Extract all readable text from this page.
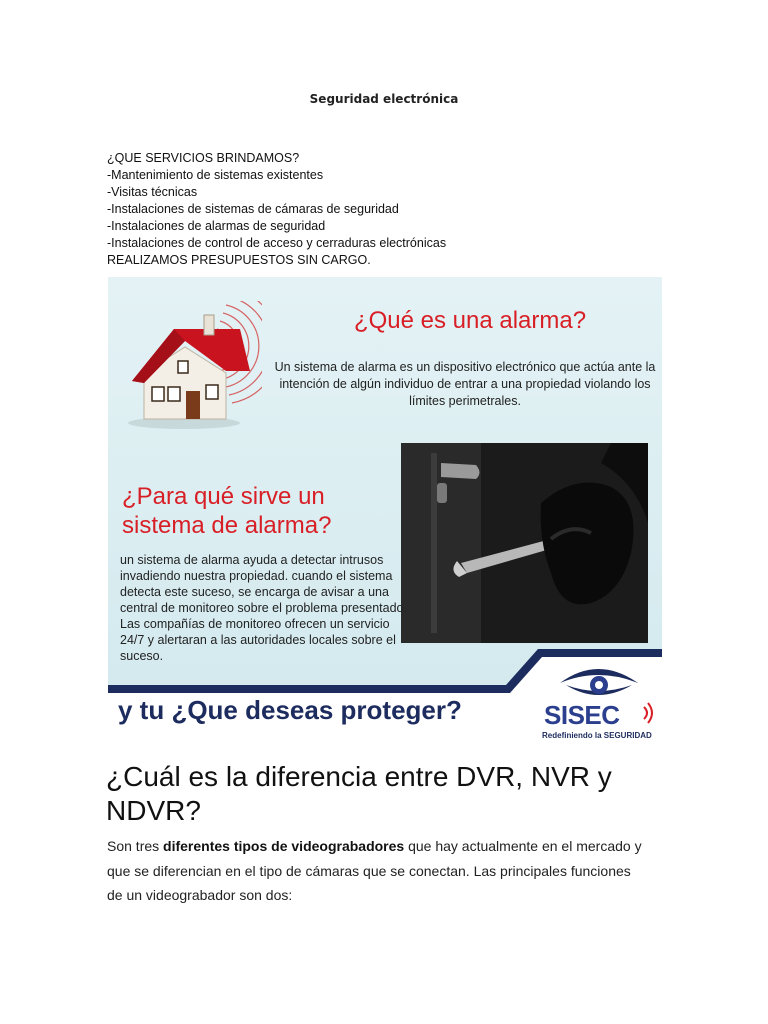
Seguridad electrónica
¿QUE SERVICIOS BRINDAMOS?
-Mantenimiento de sistemas existentes
-Visitas técnicas
-Instalaciones de sistemas de cámaras de seguridad
-Instalaciones de alarmas de seguridad
-Instalaciones de control de acceso y cerraduras electrónicas
REALIZAMOS PRESUPUESTOS SIN CARGO.
¿Qué es una alarma?
Un sistema de alarma es un dispositivo electrónico que actúa ante la intención de algún individuo de entrar a una propiedad violando los límites perimetrales.
¿Para qué sirve un
sistema de alarma?
un sistema de alarma ayuda a detectar intrusos invadiendo nuestra propiedad. cuando el sistema detecta este suceso, se encarga de avisar a una central de monitoreo sobre el problema presentado. Las compañías de monitoreo ofrecen un servicio 24/7 y alertaran a las autoridades locales sobre el suceso.
y tu ¿Que deseas proteger?	SISEC
Redefiniendo la SEGURIDAD
¿Cuál es la diferencia entre DVR, NVR y NDVR?
Son tres diferentes tipos de videograbadores que hay actualmente en el mercado y que se diferencian en el tipo de cámaras que se conectan. Las principales funciones de un videograbador son dos:
